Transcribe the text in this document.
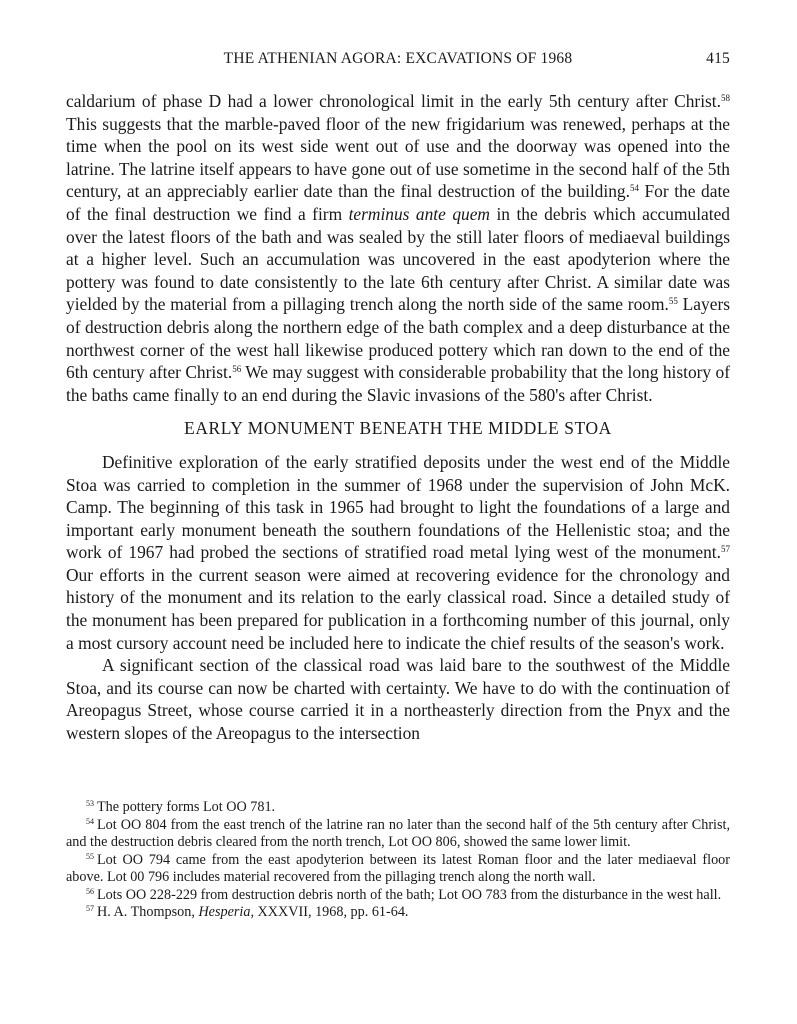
THE ATHENIAN AGORA: EXCAVATIONS OF 1968	415

caldarium of phase D had a lower chronological limit in the early 5th century after Christ.$^{58}$ This suggests that the marble-paved floor of the new frigidarium was renewed, perhaps at the time when the pool on its west side went out of use and the doorway was opened into the latrine. The latrine itself appears to have gone out of use sometime in the second half of the 5th century, at an appreciably earlier date than the final destruction of the building.$^{54}$ For the date of the final destruction we find a firm terminus ante quem in the debris which accumulated over the latest floors of the bath and was sealed by the still later floors of mediaeval buildings at a higher level. Such an accumulation was uncovered in the east apodyterion where the pottery was found to date consistently to the late 6th century after Christ. A similar date was yielded by the material from a pillaging trench along the north side of the same room.$^{55}$ Layers of destruction debris along the northern edge of the bath complex and a deep disturbance at the northwest corner of the west hall likewise produced pottery which ran down to the end of the 6th century after Christ.$^{56}$ We may suggest with considerable probability that the long history of the baths came finally to an end during the Slavic invasions of the 580's after Christ.

EARLY MONUMENT BENEATH THE MIDDLE STOA

Definitive exploration of the early stratified deposits under the west end of the Middle Stoa was carried to completion in the summer of 1968 under the supervision of John McK. Camp. The beginning of this task in 1965 had brought to light the foundations of a large and important early monument beneath the southern foundations of the Hellenistic stoa; and the work of 1967 had probed the sections of stratified road metal lying west of the monument.$^{57}$ Our efforts in the current season were aimed at recovering evidence for the chronology and history of the monument and its relation to the early classical road. Since a detailed study of the monument has been prepared for publication in a forthcoming number of this journal, only a most cursory account need be included here to indicate the chief results of the season's work.

A significant section of the classical road was laid bare to the southwest of the Middle Stoa, and its course can now be charted with certainty. We have to do with the continuation of Areopagus Street, whose course carried it in a northeasterly direction from the Pnyx and the western slopes of the Areopagus to the intersection

$^{53}$ The pottery forms Lot OO 781.

$^{54}$ Lot OO 804 from the east trench of the latrine ran no later than the second half of the 5th century after Christ, and the destruction debris cleared from the north trench, Lot OO 806, showed the same lower limit.

$^{55}$ Lot OO 794 came from the east apodyterion between its latest Roman floor and the later mediaeval floor above. Lot 00 796 includes material recovered from the pillaging trench along the north wall.

$^{56}$ Lots OO 228-229 from destruction debris north of the bath; Lot OO 783 from the disturbance in the west hall.

$^{57}$ H. A. Thompson, Hesperia, XXXVII, 1968, pp. 61-64.
